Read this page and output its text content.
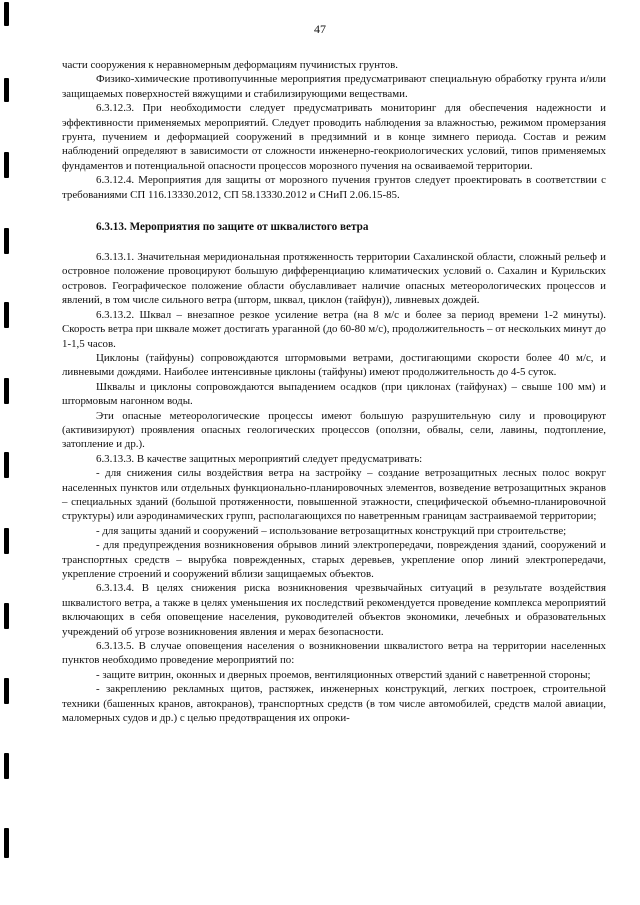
47

части сооружения к неравномерным деформациям пучинистых грунтов.

Физико-химические противопучинные мероприятия предусматривают специальную обработку грунта и/или защищаемых поверхностей вяжущими и стабилизирующими веществами.

6.3.12.3. При необходимости следует предусматривать мониторинг для обеспечения надежности и эффективности применяемых мероприятий. Следует проводить наблюдения за влажностью, режимом промерзания грунта, пучением и деформацией сооружений в предзимний и в конце зимнего периода. Состав и режим наблюдений определяют в зависимости от сложности инженерно-геокриологических условий, типов применяемых фундаментов и потенциальной опасности процессов морозного пучения на осваиваемой территории.

6.3.12.4. Мероприятия для защиты от морозного пучения грунтов следует проектировать в соответствии с требованиями СП 116.13330.2012, СП 58.13330.2012 и СНиП 2.06.15-85.

6.3.13. Мероприятия по защите от шквалистого ветра

6.3.13.1. Значительная меридиональная протяженность территории Сахалинской области, сложный рельеф и островное положение провоцируют большую дифференциацию климатических условий о. Сахалин и Курильских островов. Географическое положение области обуславливает наличие опасных метеорологических процессов и явлений, в том числе сильного ветра (шторм, шквал, циклон (тайфун)), ливневых дождей.

6.3.13.2. Шквал – внезапное резкое усиление ветра (на 8 м/с и более за период времени 1-2 минуты). Скорость ветра при шквале может достигать ураганной (до 60-80 м/с), продолжительность – от нескольких минут до 1-1,5 часов.

Циклоны (тайфуны) сопровождаются штормовыми ветрами, достигающими скорости более 40 м/с, и ливневыми дождями. Наиболее интенсивные циклоны (тайфуны) имеют продолжительность до 4-5 суток.

Шквалы и циклоны сопровождаются выпадением осадков (при циклонах (тайфунах) – свыше 100 мм) и штормовым нагонном воды.

Эти опасные метеорологические процессы имеют большую разрушительную силу и провоцируют (активизируют) проявления опасных геологических процессов (оползни, обвалы, сели, лавины, подтопление, затопление и др.).

6.3.13.3. В качестве защитных мероприятий следует предусматривать:

- для снижения силы воздействия ветра на застройку – создание ветрозащитных лесных полос вокруг населенных пунктов или отдельных функционально-планировочных элементов, возведение ветрозащитных экранов – специальных зданий (большой протяженности, повышенной этажности, специфической объемно-планировочной структуры) или аэродинамических групп, располагающихся по наветренным границам застраиваемой территории;

- для защиты зданий и сооружений – использование ветрозащитных конструкций при строительстве;

- для предупреждения возникновения обрывов линий электропередачи, повреждения зданий, сооружений и транспортных средств – вырубка поврежденных, старых деревьев, укрепление опор линий электропередачи, укрепление строений и сооружений вблизи защищаемых объектов.

6.3.13.4. В целях снижения риска возникновения чрезвычайных ситуаций в результате воздействия шквалистого ветра, а также в целях уменьшения их последствий рекомендуется проведение комплекса мероприятий включающих в себя оповещение населения, руководителей объектов экономики, лечебных и образовательных учреждений об угрозе возникновения явления и мерах безопасности.

6.3.13.5. В случае оповещения населения о возникновении шквалистого ветра на территории населенных пунктов необходимо проведение мероприятий по:

- защите витрин, оконных и дверных проемов, вентиляционных отверстий зданий с наветренной стороны;

- закреплению рекламных щитов, растяжек, инженерных конструкций, легких построек, строительной техники (башенных кранов, автокранов), транспортных средств (в том числе автомобилей, средств малой авиации, маломерных судов и др.) с целью предотвращения их опроки-
